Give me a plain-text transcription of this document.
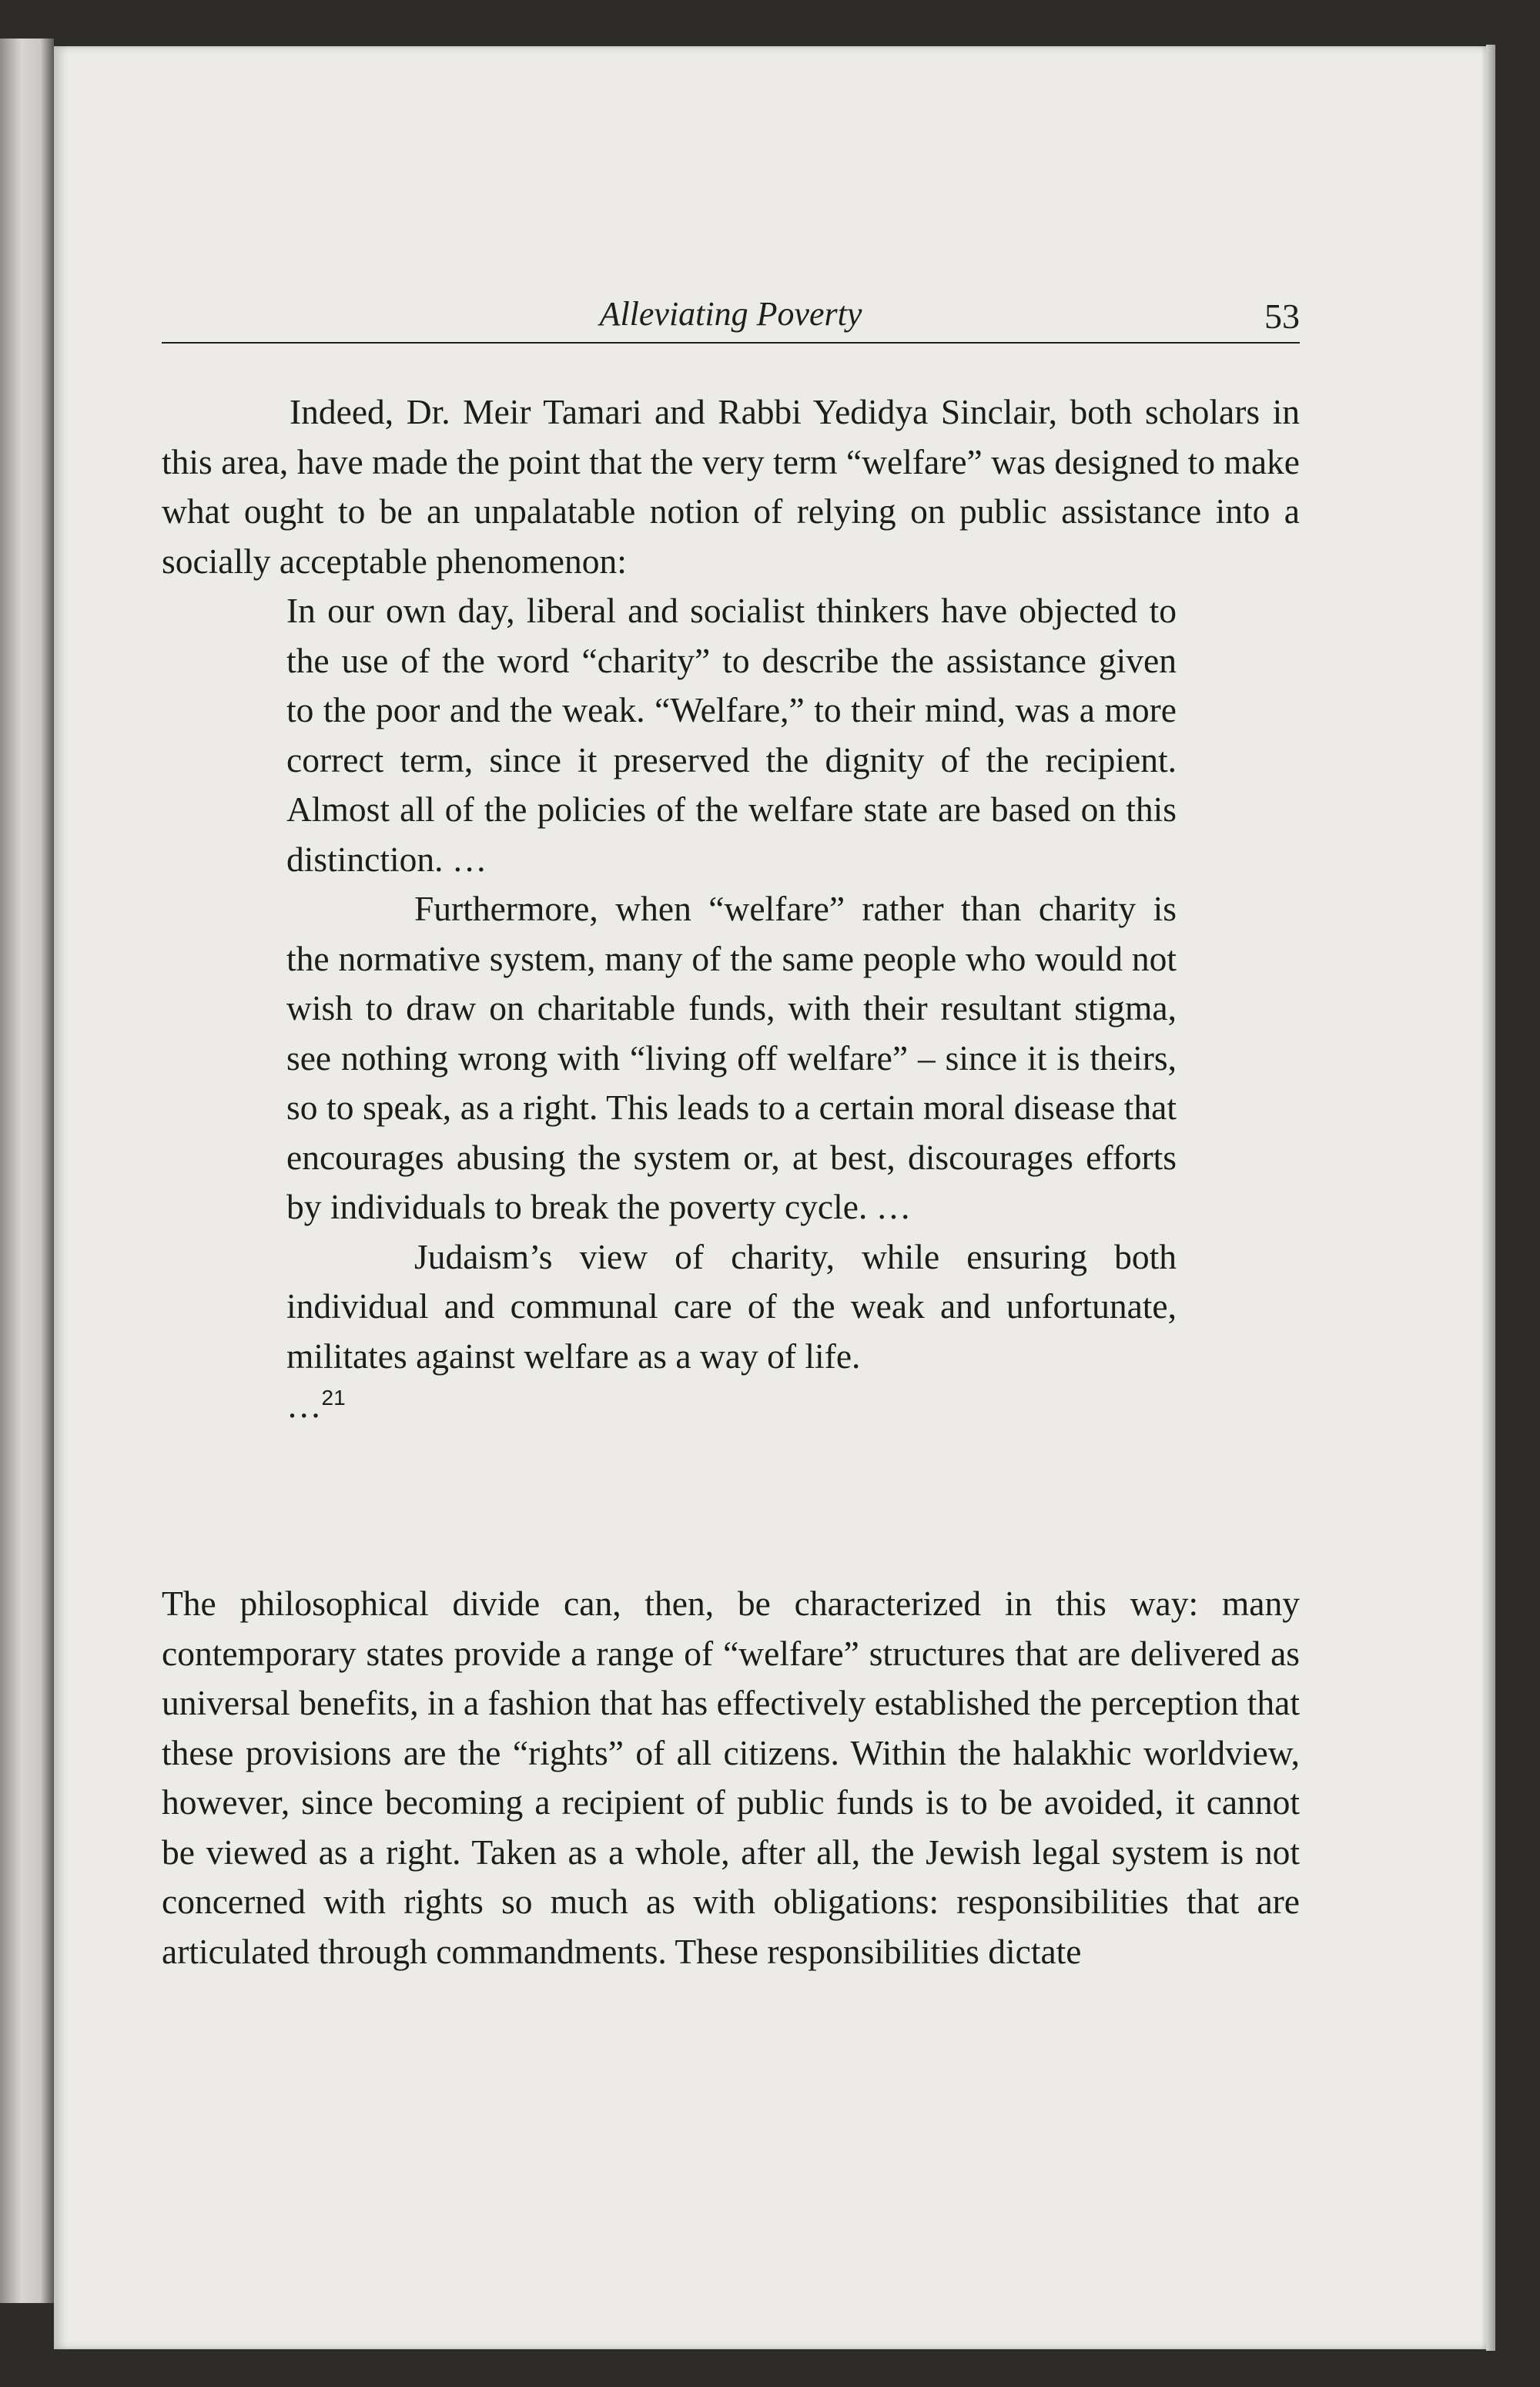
Alleviating Poverty	53

Indeed, Dr. Meir Tamari and Rabbi Yedidya Sinclair, both scholars in this area, have made the point that the very term “welfare” was designed to make what ought to be an unpalatable notion of relying on public assistance into a socially acceptable phenomenon:

In our own day, liberal and socialist thinkers have objected to the use of the word “charity” to describe the assistance given to the poor and the weak. “Welfare,” to their mind, was a more correct term, since it preserved the dignity of the recipient. Almost all of the policies of the welfare state are based on this distinction. …

Furthermore, when “welfare” rather than charity is the normative system, many of the same people who would not wish to draw on charitable funds, with their resultant stigma, see nothing wrong with “living off welfare” – since it is theirs, so to speak, as a right. This leads to a certain moral disease that encourages abusing the system or, at best, discourages efforts by individuals to break the poverty cycle. …

Judaism’s view of charity, while ensuring both individual and communal care of the weak and unfortunate, militates against welfare as a way of life.

…$^{21}$

The philosophical divide can, then, be characterized in this way: many contemporary states provide a range of “welfare” structures that are delivered as universal benefits, in a fashion that has effectively established the perception that these provisions are the “rights” of all citizens. Within the halakhic worldview, however, since becoming a recipient of public funds is to be avoided, it cannot be viewed as a right. Taken as a whole, after all, the Jewish legal system is not concerned with rights so much as with obligations: responsibilities that are articulated through commandments. These responsibilities dictate
